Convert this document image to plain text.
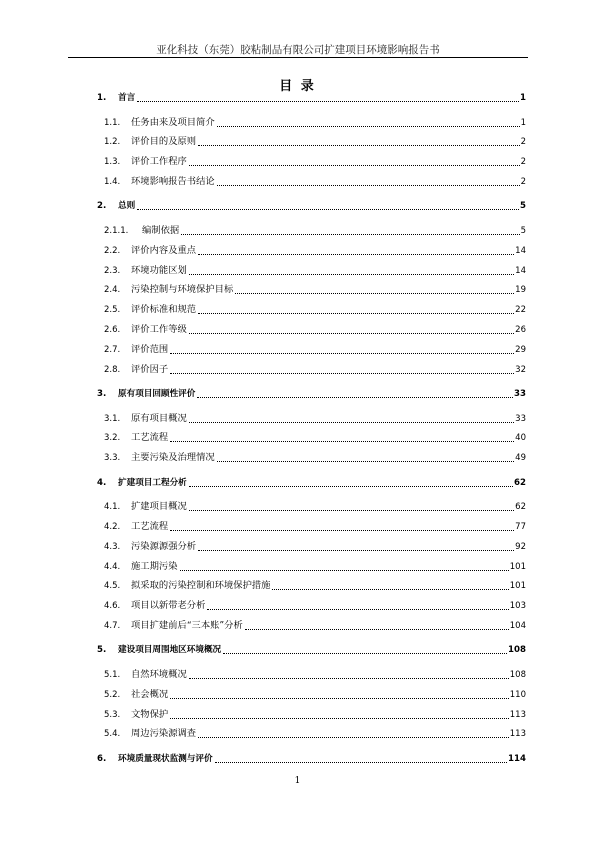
亚化科技（东莞）胶粘制品有限公司扩建项目环境影响报告书
目 录
1. 首言	1
1.1. 任务由来及项目简介	1
1.2. 评价目的及原则	2
1.3. 评价工作程序	2
1.4. 环境影响报告书结论	2
2. 总则	5
2.1.1. 编制依据	5
2.2. 评价内容及重点	14
2.3. 环境功能区划	14
2.4. 污染控制与环境保护目标	19
2.5. 评价标准和规范	22
2.6. 评价工作等级	26
2.7. 评价范围	29
2.8. 评价因子	32
3. 原有项目回顾性评价	33
3.1. 原有项目概况	33
3.2. 工艺流程	40
3.3. 主要污染及治理情况	49
4. 扩建项目工程分析	62
4.1. 扩建项目概况	62
4.2. 工艺流程	77
4.3. 污染源源强分析	92
4.4. 施工期污染	101
4.5. 拟采取的污染控制和环境保护措施	101
4.6. 项目以新带老分析	103
4.7. 项目扩建前后“三本账”分析	104
5. 建设项目周围地区环境概况	108
5.1. 自然环境概况	108
5.2. 社会概况	110
5.3. 文物保护	113
5.4. 周边污染源调查	113
6. 环境质量现状监测与评价	114
1
